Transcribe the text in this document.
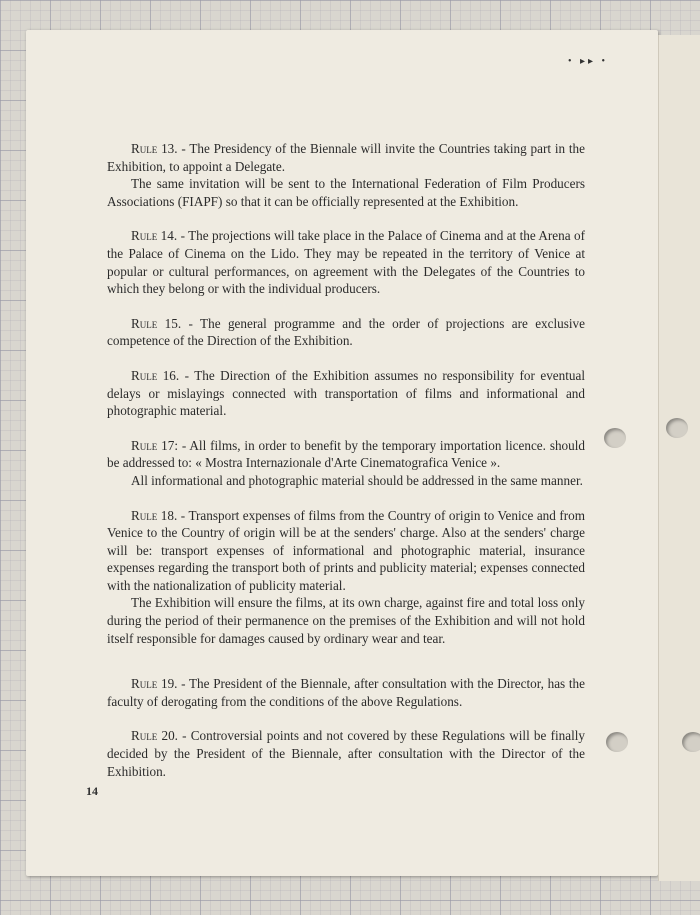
• ▸▸ •

Rule 13. - The Presidency of the Biennale will invite the Countries taking part in the Exhibition, to appoint a Delegate.

The same invitation will be sent to the International Federation of Film Producers Associations (FIAPF) so that it can be officially represented at the Exhibition.

Rule 14. - The projections will take place in the Palace of Cinema and at the Arena of the Palace of Cinema on the Lido. They may be repeated in the territory of Venice at popular or cultural performances, on agreement with the Delegates of the Countries to which they belong or with the individual producers.

Rule 15. - The general programme and the order of projections are exclusive competence of the Direction of the Exhibition.

Rule 16. - The Direction of the Exhibition assumes no responsibility for eventual delays or mislayings connected with transportation of films and informational and photographic material.

Rule 17: - All films, in order to benefit by the temporary importation licence. should be addressed to: « Mostra Internazionale d'Arte Cinematografica Venice ».

All informational and photographic material should be addressed in the same manner.

Rule 18. - Transport expenses of films from the Country of origin to Venice and from Venice to the Country of origin will be at the senders' charge. Also at the senders' charge will be: transport expenses of informational and photographic material, insurance expenses regarding the transport both of prints and publicity material; expenses connected with the nationalization of publicity material.

The Exhibition will ensure the films, at its own charge, against fire and total loss only during the period of their permanence on the premises of the Exhibition and will not hold itself responsible for damages caused by ordinary wear and tear.

Rule 19. - The President of the Biennale, after consultation with the Director, has the faculty of derogating from the conditions of the above Regulations.

Rule 20. - Controversial points and not covered by these Regulations will be finally decided by the President of the Biennale, after consultation with the Director of the Exhibition.

14
